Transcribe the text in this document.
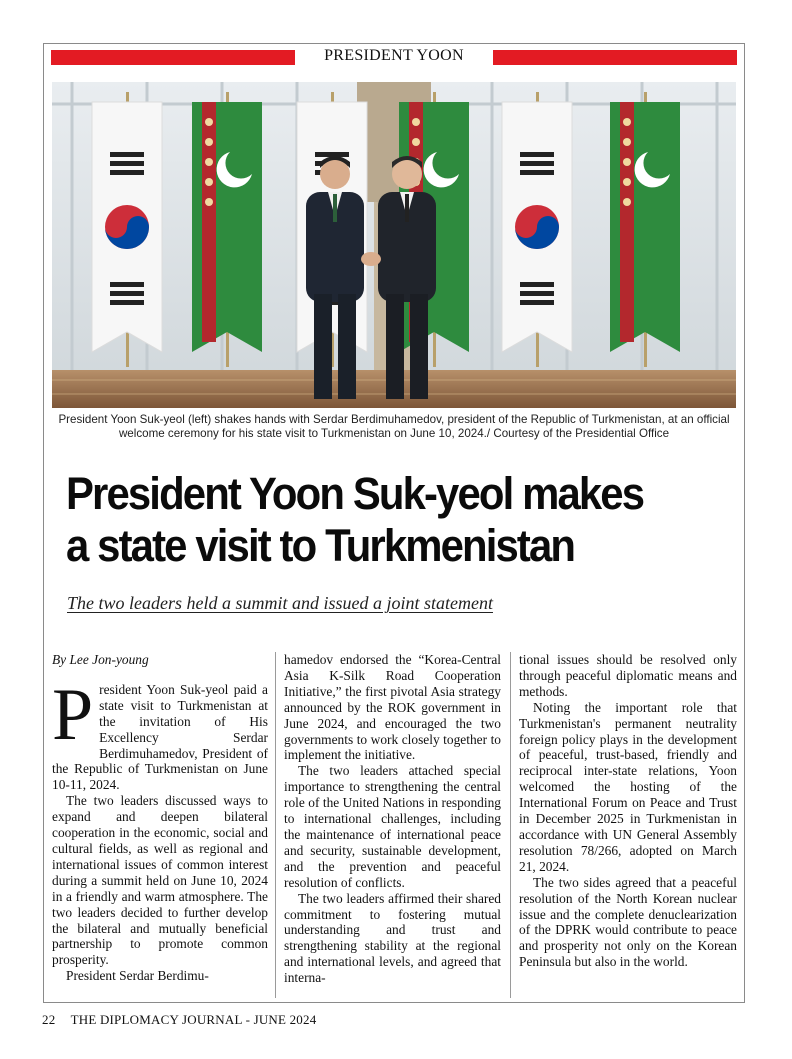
PRESIDENT YOON
President Yoon Suk-yeol (left) shakes hands with Serdar Berdimuhamedov, president of the Republic of Turkmenistan, at an official welcome ceremony for his state visit to Turkmenistan on June 10, 2024./ Courtesy of the Presidential Office
President Yoon Suk-yeol makes
a state visit to Turkmenistan
The two leaders held a summit and issued a joint statement

By Lee Jon-young

President Yoon Suk-yeol paid a state visit to Turkmenistan at the invitation of His Excellency Serdar Berdimuhamedov, President of the Republic of Turkmenistan on June 10-11, 2024.

The two leaders discussed ways to expand and deepen bilateral cooperation in the economic, social and cultural fields, as well as regional and international issues of common interest during a summit held on June 10, 2024 in a friendly and warm atmosphere. The two leaders decided to further develop the bilateral and mutually beneficial partnership to promote common prosperity.

President Serdar Berdimu-

hamedov endorsed the “Korea-Central Asia K-Silk Road Cooperation Initiative,” the first pivotal Asia strategy announced by the ROK government in June 2024, and encouraged the two governments to work closely together to implement the initiative.

The two leaders attached special importance to strengthening the central role of the United Nations in responding to international challenges, including the maintenance of international peace and security, sustainable development, and the prevention and peaceful resolution of conflicts.

The two leaders affirmed their shared commitment to fostering mutual understanding and trust and strengthening stability at the regional and international levels, and agreed that interna-

tional issues should be resolved only through peaceful diplomatic means and methods.

Noting the important role that Turkmenistan's permanent neutrality foreign policy plays in the development of peaceful, trust-based, friendly and reciprocal inter-state relations, Yoon welcomed the hosting of the International Forum on Peace and Trust in December 2025 in Turkmenistan in accordance with UN General Assembly resolution 78/266, adopted on March 21, 2024.

The two sides agreed that a peaceful resolution of the North Korean nuclear issue and the complete denuclearization of the DPRK would contribute to peace and prosperity not only on the Korean Peninsula but also in the world.

22 THE DIPLOMACY JOURNAL - JUNE 2024
